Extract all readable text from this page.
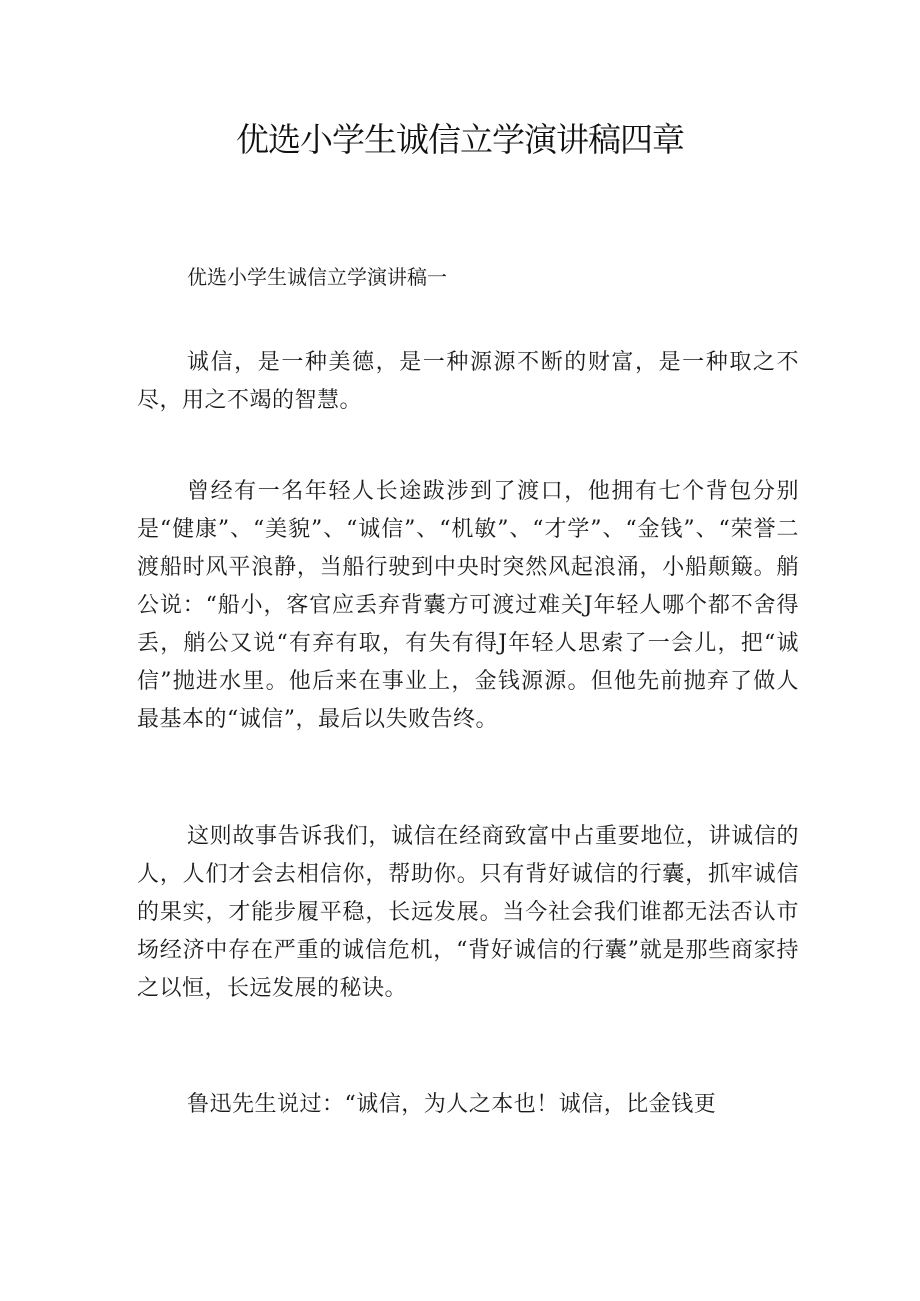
优选小学生诚信立学演讲稿四章

优选小学生诚信立学演讲稿一

诚信，是一种美德，是一种源源不断的财富，是一种取之不尽，用之不竭的智慧。

曾经有一名年轻人长途跋涉到了渡口，他拥有七个背包分别是“健康”、“美貌”、“诚信”、“机敏”、“才学”、“金钱”、“荣誉二渡船时风平浪静，当船行驶到中央时突然风起浪涌，小船颠簸。艄公说：“船小，客官应丢弃背囊方可渡过难关J年轻人哪个都不舍得丢，艄公又说“有弃有取，有失有得J年轻人思索了一会儿，把“诚信”抛进水里。他后来在事业上，金钱源源。但他先前抛弃了做人最基本的“诚信”，最后以失败告终。

这则故事告诉我们，诚信在经商致富中占重要地位，讲诚信的人，人们才会去相信你，帮助你。只有背好诚信的行囊，抓牢诚信的果实，才能步履平稳，长远发展。当今社会我们谁都无法否认市场经济中存在严重的诚信危机，“背好诚信的行囊”就是那些商家持之以恒，长远发展的秘诀。

鲁迅先生说过：“诚信，为人之本也！诚信，比金钱更
